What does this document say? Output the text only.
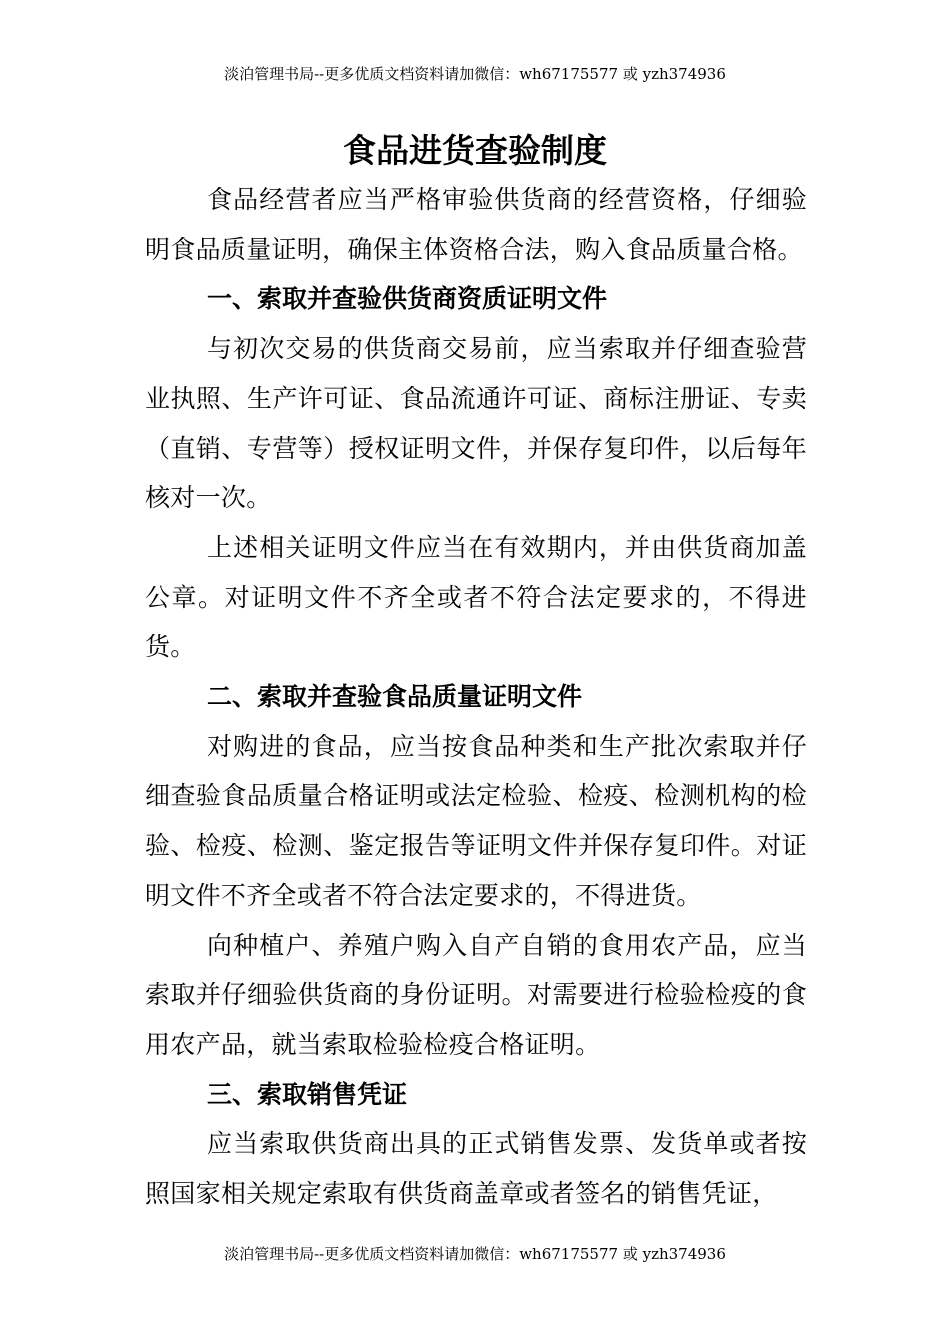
淡泊管理书局--更多优质文档资料请加微信：wh67175577 或 yzh374936
食品进货查验制度

食品经营者应当严格审验供货商的经营资格，仔细验明食品质量证明，确保主体资格合法，购入食品质量合格。

一、索取并查验供货商资质证明文件

与初次交易的供货商交易前，应当索取并仔细查验营业执照、生产许可证、食品流通许可证、商标注册证、专卖（直销、专营等）授权证明文件，并保存复印件，以后每年核对一次。

上述相关证明文件应当在有效期内，并由供货商加盖公章。对证明文件不齐全或者不符合法定要求的，不得进货。

二、索取并查验食品质量证明文件

对购进的食品，应当按食品种类和生产批次索取并仔细查验食品质量合格证明或法定检验、检疫、检测机构的检验、检疫、检测、鉴定报告等证明文件并保存复印件。对证明文件不齐全或者不符合法定要求的，不得进货。

向种植户、养殖户购入自产自销的食用农产品，应当索取并仔细验供货商的身份证明。对需要进行检验检疫的食用农产品，就当索取检验检疫合格证明。

三、索取销售凭证

应当索取供货商出具的正式销售发票、发货单或者按照国家相关规定索取有供货商盖章或者签名的销售凭证，

淡泊管理书局--更多优质文档资料请加微信：wh67175577 或 yzh374936
